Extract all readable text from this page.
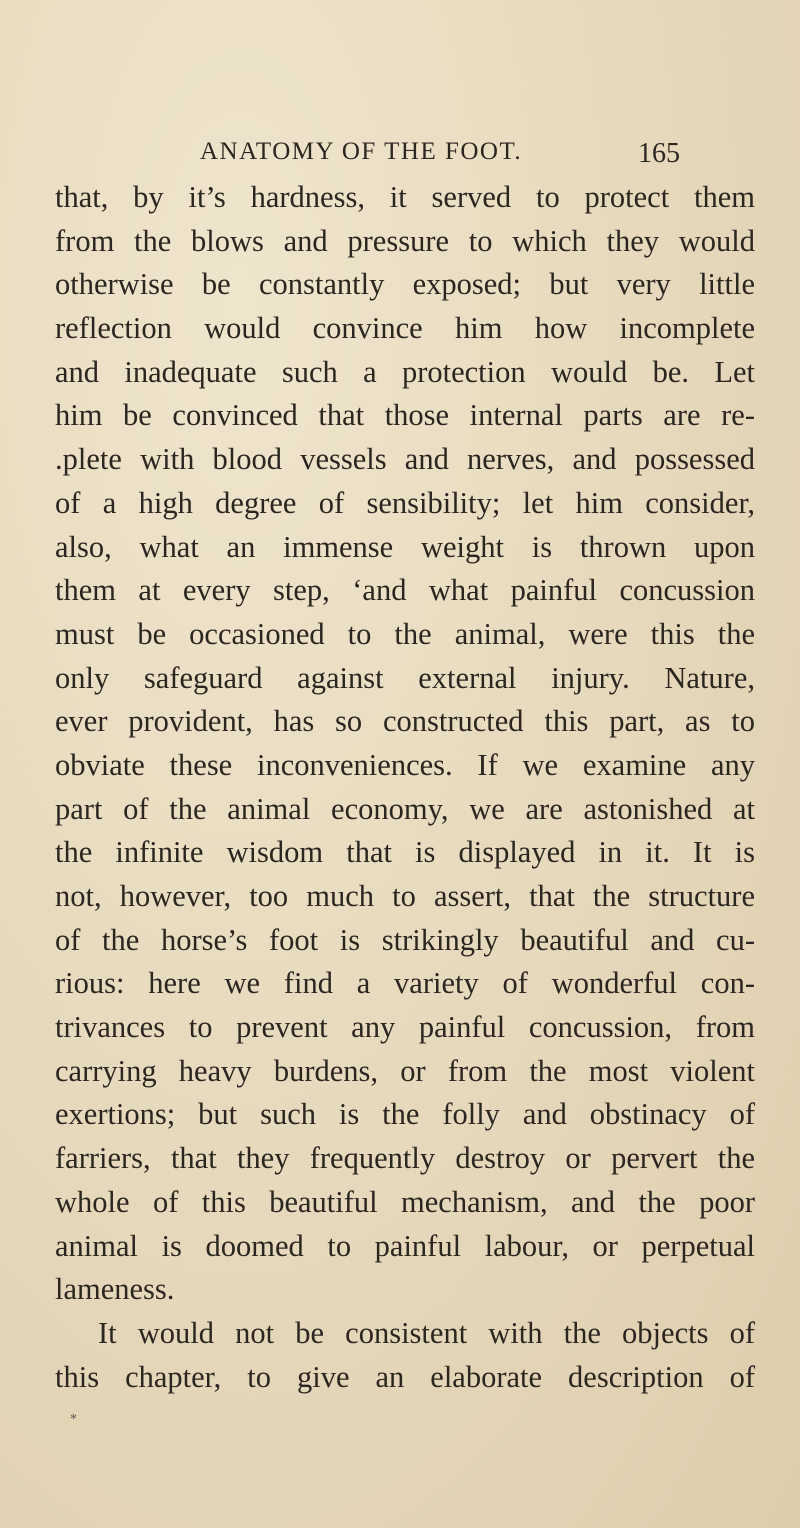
ANATOMY OF THE FOOT.	165
that, by it’s hardness, it served to protect them
from the blows and pressure to which they would
otherwise be constantly exposed; but very little
reflection would convince him how incomplete
and inadequate such a protection would be. Let
him be convinced that those internal parts are re-
.plete with blood vessels and nerves, and possessed
of a high degree of sensibility; let him consider,
also, what an immense weight is thrown upon
them at every step, ‘and what painful concussion
must be occasioned to the animal, were this the
only safeguard against external injury. Nature,
ever provident, has so constructed this part, as to
obviate these inconveniences. If we examine any
part of the animal economy, we are astonished at
the infinite wisdom that is displayed in it. It is
not, however, too much to assert, that the structure
of the horse’s foot is strikingly beautiful and cu-
rious: here we find a variety of wonderful con-
trivances to prevent any painful concussion, from
carrying heavy burdens, or from the most violent
exertions; but such is the folly and obstinacy of
farriers, that they frequently destroy or pervert the
whole of this beautiful mechanism, and the poor
animal is doomed to painful labour, or perpetual
lameness.
It would not be consistent with the objects of
this chapter, to give an elaborate description of
*
